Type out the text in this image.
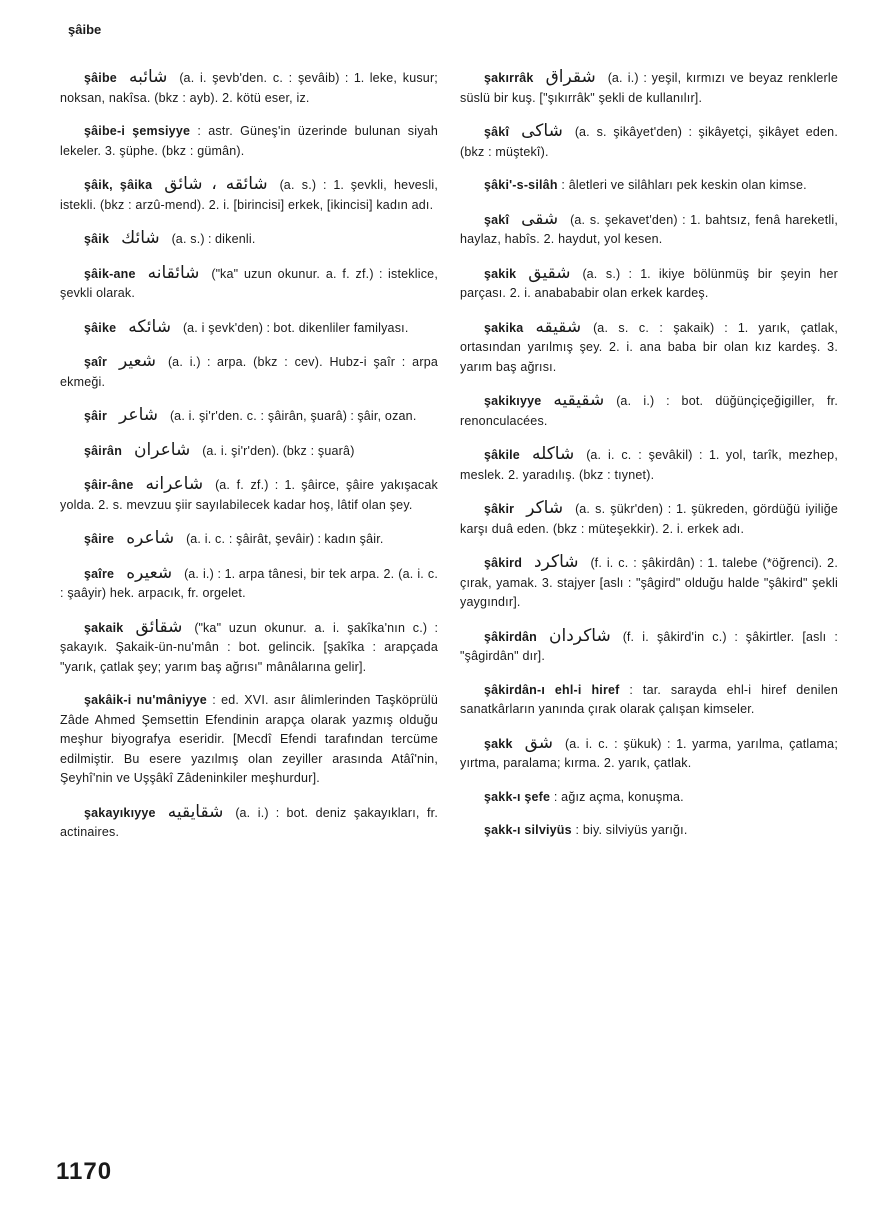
şâibe
şâibe شائبه (a. i. şevb'den. c. : şevâib) : 1. leke, kusur; noksan, nakîsa. (bkz : ayb). 2. kötü eser, iz.
şâibe-i şemsiyye : astr. Güneş'in üzerinde bulunan siyah lekeler. 3. şüphe. (bkz : gümân).
şâik, şâika شائقه ، شائق (a. s.) : 1. şevkli, hevesli, istekli. (bkz : arzû-mend). 2. i. [birincisi] erkek, [ikincisi] kadın adı.
şâik شائك (a. s.) : dikenli.
şâik-ane شائقانه ("ka" uzun okunur. a. f. zf.) : isteklice, şevkli olarak.
şâike شائكه (a. i şevk'den) : bot. dikenliler familyası.
şaîr شعير (a. i.) : arpa. (bkz : cev). Hubz-i şaîr : arpa ekmeği.
şâir شاعر (a. i. şi'r'den. c. : şâirân, şuarâ) : şâir, ozan.
şâirân شاعران (a. i. şi'r'den). (bkz : şuarâ)
şâir-âne شاعرانه (a. f. zf.) : 1. şâirce, şâire yakışacak yolda. 2. s. mevzuu şiir sayılabilecek kadar hoş, lâtif olan şey.
şâire شاعره (a. i. c. : şâirât, şevâir) : kadın şâir.
şaîre شعيره (a. i.) : 1. arpa tânesi, bir tek arpa. 2. (a. i. c. : şaâyir) hek. arpacık, fr. orgelet.
şakaik شقائق ("ka" uzun okunur. a. i. şakîka'nın c.) : şakayık. Şakaik-ün-nu'mân : bot. gelincik. [şakîka : arapçada "yarık, çatlak şey; yarım baş ağrısı" mânâlarına gelir].
şakâik-i nu'mâniyye : ed. XVI. asır âlimlerinden Taşköprülü Zâde Ahmed Şemsettin Efendinin arapça olarak yazmış olduğu meşhur biyografya eseridir. [Mecdî Efendi tarafından tercüme edilmiştir. Bu esere yazılmış olan zeyiller arasında Atâî'nin, Şeyhî'nin ve Uşşâkî Zâdeninkiler meşhurdur].
şakayıkıyye شقايقيه (a. i.) : bot. deniz şakayıkları, fr. actinaires.
şakırrâk شقراق (a. i.) : yeşil, kırmızı ve beyaz renklerle süslü bir kuş. ["şıkırrâk" şekli de kullanılır].
şâkî شاكى (a. s. şikâyet'den) : şikâyetçi, şikâyet eden. (bkz : müştekî).
şâki'-s-silâh : âletleri ve silâhları pek keskin olan kimse.
şakî شقى (a. s. şekavet'den) : 1. bahtsız, fenâ hareketli, haylaz, habîs. 2. haydut, yol kesen.
şakik شقيق (a. s.) : 1. ikiye bölünmüş bir şeyin her parçası. 2. i. anabababir olan erkek kardeş.
şakika شقيقه (a. s. c. : şakaik) : 1. yarık, çatlak, ortasından yarılmış şey. 2. i. ana baba bir olan kız kardeş. 3. yarım baş ağrısı.
şakikıyye شقيقيه (a. i.) : bot. düğünçiçeğigiller, fr. renonculacées.
şâkile شاكله (a. i. c. : şevâkil) : 1. yol, tarîk, mezhep, meslek. 2. yaradılış. (bkz : tıynet).
şâkir شاكر (a. s. şükr'den) : 1. şükreden, gördüğü iyiliğe karşı duâ eden. (bkz : müteşekkir). 2. i. erkek adı.
şâkird شاكرد (f. i. c. : şâkirdân) : 1. talebe (*öğrenci). 2. çırak, yamak. 3. stajyer [aslı : "şâgird" olduğu halde "şâkird" şekli yaygındır].
şâkirdân شاكردان (f. i. şâkird'in c.) : şâkirtler. [aslı : "şâgirdân" dır].
şâkirdân-ı ehl-i hiref : tar. sarayda ehl-i hiref denilen sanatkârların yanında çırak olarak çalışan kimseler.
şakk شق (a. i. c. : şükuk) : 1. yarma, yarılma, çatlama; yırtma, paralama; kırma. 2. yarık, çatlak.
şakk-ı şefe : ağız açma, konuşma.
şakk-ı silviyüs : biy. silviyüs yarığı.
1170
